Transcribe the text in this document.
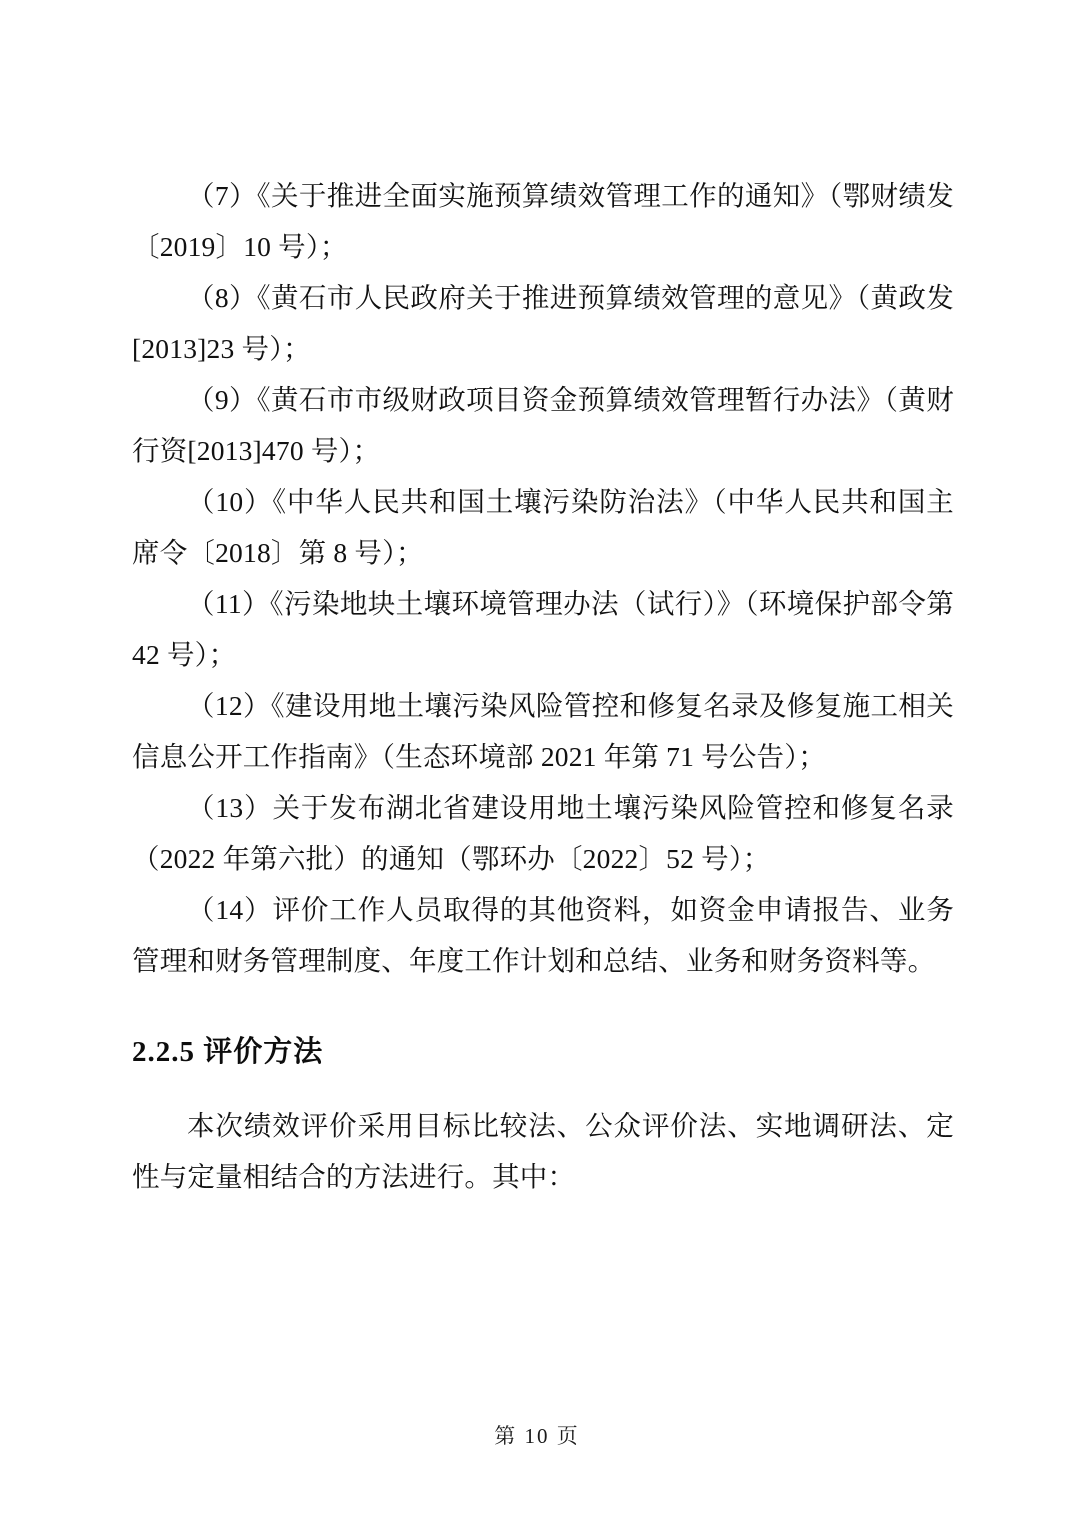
（7）《关于推进全面实施预算绩效管理工作的通知》（鄂财绩发〔2019〕10 号）；

（8）《黄石市人民政府关于推进预算绩效管理的意见》（黄政发[2013]23 号）；

（9）《黄石市市级财政项目资金预算绩效管理暂行办法》（黄财行资[2013]470 号）；

（10）《中华人民共和国土壤污染防治法》（中华人民共和国主席令〔2018〕第 8 号）；

（11）《污染地块土壤环境管理办法（试行）》（环境保护部令第 42 号）；

（12）《建设用地土壤污染风险管控和修复名录及修复施工相关信息公开工作指南》（生态环境部 2021 年第 71 号公告）；

（13）关于发布湖北省建设用地土壤污染风险管控和修复名录（2022 年第六批）的通知（鄂环办〔2022〕52 号）；

（14）评价工作人员取得的其他资料，如资金申请报告、业务管理和财务管理制度、年度工作计划和总结、业务和财务资料等。

2.2.5 评价方法

本次绩效评价采用目标比较法、公众评价法、实地调研法、定性与定量相结合的方法进行。其中：

第 10 页
